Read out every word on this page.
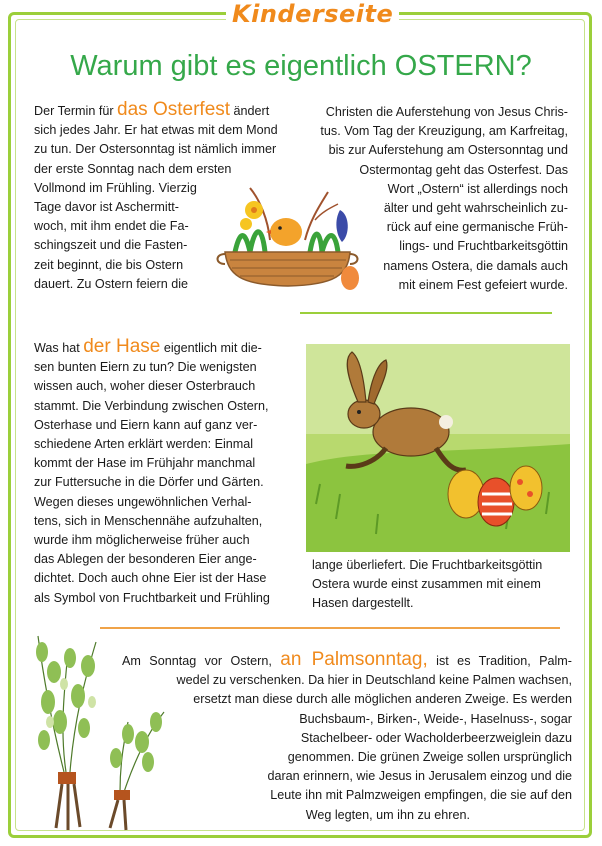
Kinderseite
Warum gibt es eigentlich OSTERN?

Der Termin für das Osterfest ändert

sich jedes Jahr. Er hat etwas mit dem Mond

zu tun. Der Ostersonntag ist nämlich immer

der erste Sonntag nach dem ersten

Vollmond im Frühling. Vierzig

Tage davor ist Aschermitt-

woch, mit ihm endet die Fa-

schingszeit und die Fasten-

zeit beginnt, die bis Ostern

dauert. Zu Ostern feiern die

Christen die Auferstehung von Jesus Chris-

tus. Vom Tag der Kreuzigung, am Karfreitag,

bis zur Auferstehung am Ostersonntag und

Ostermontag geht das Osterfest. Das

Wort „Ostern“ ist allerdings noch

älter und geht wahrscheinlich zu-

rück auf eine germanische Früh-

lings- und Fruchtbarkeitsgöttin

namens Ostera, die damals auch

mit einem Fest gefeiert wurde.

Was hat der Hase eigentlich mit die-

sen bunten Eiern zu tun? Die wenigsten

wissen auch, woher dieser Osterbrauch

stammt. Die Verbindung zwischen Ostern,

Osterhase und Eiern kann auf ganz ver-

schiedene Arten erklärt werden: Einmal

kommt der Hase im Frühjahr manchmal

zur Futtersuche in die Dörfer und Gärten.

Wegen dieses ungewöhnlichen Verhal-

tens, sich in Menschennähe aufzuhalten,

wurde ihm möglicherweise früher auch

das Ablegen der besonderen Eier ange-

dichtet. Doch auch ohne Eier ist der Hase

als Symbol von Fruchtbarkeit und Frühling

lange überliefert. Die Fruchtbarkeitsgöttin

Ostera wurde einst zusammen mit einem

Hasen dargestellt.

Am Sonntag vor Ostern, an Palmsonntag, ist es Tradition, Palm-

wedel zu verschenken. Da hier in Deutschland keine Palmen wachsen,

ersetzt man diese durch alle möglichen anderen Zweige. Es werden

Buchsbaum-, Birken-, Weide-, Haselnuss-, sogar

Stachelbeer- oder Wacholderbeerzweiglein dazu

genommen. Die grünen Zweige sollen ursprünglich

daran erinnern, wie Jesus in Jerusalem einzog und die

Leute ihn mit Palmzweigen empfingen, die sie auf den

Weg legten, um ihn zu ehren.
